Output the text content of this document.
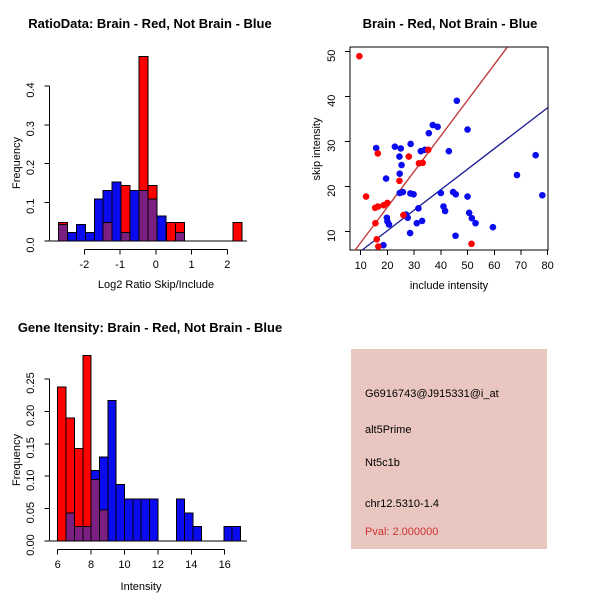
0.0
0.1
0.2
0.3
0.4
-2 -1	0	1	2
RatioData: Brain - Red, Not Brain - Blue
Frequency
Log2 Ratio Skip/Include
10 20 30 40 50 60 70 80
10
20
30
40
50
Brain - Red, Not Brain - Blue
skip intensity
include intensity
0.00
0.05
0.10
0.15
0.20
0.25
6 8 10 12 14 16
Gene Itensity: Brain - Red, Not Brain - Blue
Frequency
Intensity
G6916743@J915331@i_at
alt5Prime
Nt5c1b
chr12.5310-1.4
Pval: 2.000000
